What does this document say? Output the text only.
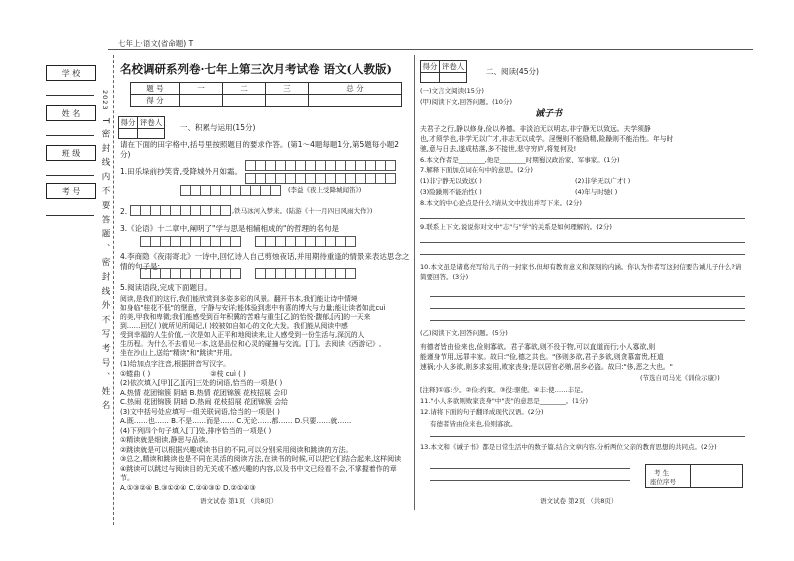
七年上·语文(省命题) T
学 校
姓 名
班 级
考 号
2023
T密封线内不要答题、密封线外不写考号、姓名
名校调研系列卷·七年上第三次月考试卷 语文(人教版)
题 号	一	二	三	总 分
得 分				
得分	评卷人

一、积累与运用(15分)
请在下面的田字格中,括号里按照题目的要求作答。(第1～4题每题1分,第5题每小题2分)
1.田乐垛前抄笑背,受降城外月如霜。
(李益《夜上受降城闻笛》)
2.	,铁马冰河入梦来。(陆游《十一月四日风雨大作》)
3.《论语》十二章中,阐明了"学与思是相辅相成的"的哲理的名句是
4.李商隐《夜雨寄北》一诗中,回忆诗人自己剪烛夜话,并用期待重逢的情景来表达思念之情的句子是:
5.阅读语段,完成下面题目。
阅读,是我们的这行,我们能欣赏到多姿多彩的风景。翻开书本,我们能让诗中情境
如身临"桂花不低"的惬意，宁静与安详;能体验到悲中有喜的博大与力量;能让读者如此cuì
的美,甲我和卑微;我们能感受到百年积冀的苦难与重生[乙]的怡悦·馥郁,[丙]的一天来
到……回忆( )就所见所闻记,( )较被如自如心的文化大发。我们能从阅读中感
受到幸福的人生价值,一次是如人正平和地阅读来,让人感受到一份生活与,深沉的人
生历程。为什么不去看见一本,这是品位和心灵的碰撞与交流。[丁]。去阅读《西游记》,
坐在沙山上,送给"精读"和"跳读"并用。
(1)给加点字注音,根据拼音写汉字。
①蜷曲 ( )	②枝 cuì ( )
(2)依次填入[甲][乙][丙]三处的词语,恰当的一项是( )
A.热情 花团锦簇 阴暗 B.热情 花团锦簇 花枝招展 会印
C.热闹 花团锦簇 阴暗 D.热闹 花枝招展 花团锦簇 会给
(3)文中括号处应填写一组关联词语,恰当的一项是( )
A.既……也…… B.不是……而是…… C.无论……都…… D.只要……就……
(4)下列四个句子填入[丁]处,排序恰当的一项是( )
①精读就是细读,静思与品读。
②跳读就是可以根据兴趣或读书目的不同,可以分别采用阅读和跳读的方法。
③总之,精读和跳读也是不同在灵活的阅读方法,在读书的时候,可以把它们结合起来,这样阅读
④跳读可以跳过与阅读目的无关或不感兴趣的内容,以及书中文已经看不会,不掌握着作的章节。
A.①③②④ B.③①②④ C.②④③① D.②①④③
语文试卷 第1页 （共8页）
得分	评卷人

二、阅读(45分)
(一)文言文阅读(15分)
(甲)阅读下文,回答问题。(10分)
诫子书
夫君子之行,静以修身,俭以养德。非淡泊无以明志,非宁静无以致远。夫学须静
也,才须学也,非学无以广才,非志无以成学。淫慢则不能励精,险躁则不能治性。年与时
驰,意与日去,遂成枯落,多不接世,悲守穷庐,将复何及!
6.本文作者是________,他是________时期蜀汉政治家、军事家。(1分)
7.解释下面加点词在句中的意思。(2分)
(1)非宁静无以致远( )	(2)非学无以广才( )
(3)险躁则不能治性( )	(4)年与时驰( )
8.本文的中心论点是什么?请从文中找出并写下来。(2分)
9.联系上下文,说说你对文中"志"与"学"的关系是如何理解的。(2分)
10.本文虽是诸葛亮写给儿子的一封家书,但却有教育意义和深刻的内涵。你认为作者写这封信要告诫儿子什么?请简要回答。(3分)
(乙)阅读下文,回答问题。(5分)
有德者皆由俭来也,俭则寡欲。君子寡欲,则不役于物,可以直道而行;小人寡欲,则
能谨身节用,远罪丰家。故曰:"俭,德之共也。"侈则多欲,君子多欲,则贪慕富贵,枉道
速祸;小人多欲,则多求妄用,败家丧身;是以居官必贿,居乡必盗。故曰:"侈,恶之大也。"
(节选自司马光《训俭示康》)
[注释]①寡:少。②俭:约束。③役:驱使。④丰:使……丰足。
11."小人多欲则败家丧身"中"丧"的意思是________。(1分)
12.请将下面的句子翻译成现代汉语。(2分)
有德者皆由俭来也,俭则寡欲。
13.本文和《诫子书》都是日常生活中的数子篇,结合文章内容,分析两位父亲的教育思想的共同点。(2分)
考 生
座位序号
语文试卷 第2页 （共8页）
